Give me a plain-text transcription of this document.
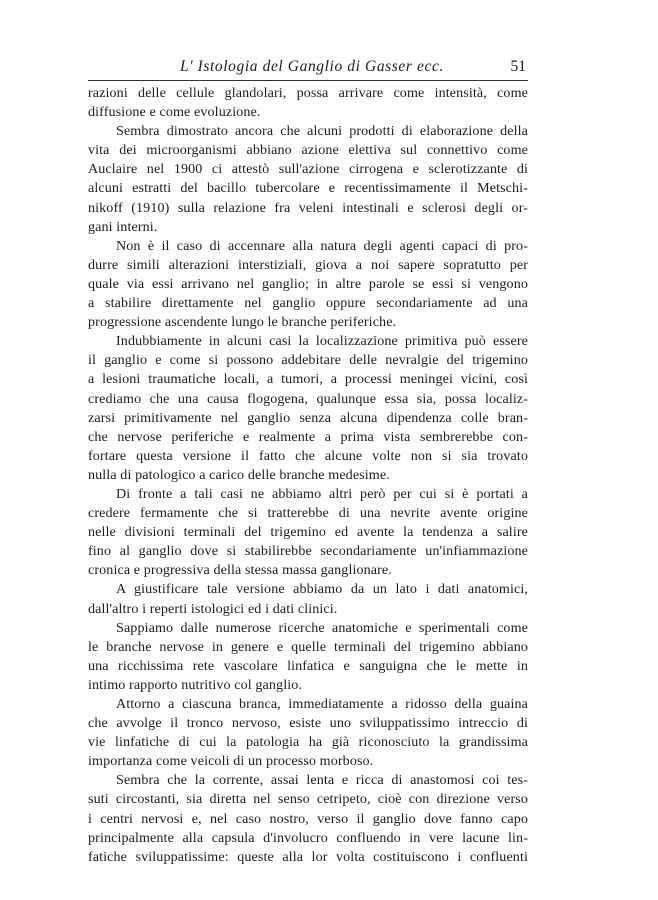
L' Istologia del Ganglio di Gasser ecc.	51
razioni delle cellule glandolari, possa arrivare come intensità, come
diffusione e come evoluzione.
Sembra dimostrato ancora che alcuni prodotti di elaborazione della
vita dei microorganismi abbiano azione elettiva sul connettivo come
Auclaire nel 1900 ci attestò sull'azione cirrogena e sclerotizzante di
alcuni estratti del bacillo tubercolare e recentissimamente il Metschi-
nikoff (1910) sulla relazione fra veleni intestinali e sclerosi degli or-
gani interni.
Non è il caso di accennare alla natura degli agenti capaci di pro-
durre simili alterazioni interstiziali, giova a noi sapere sopratutto per
quale via essi arrivano nel ganglio; in altre parole se essi si vengono
a stabilire direttamente nel ganglio oppure secondariamente ad una
progressione ascendente lungo le branche periferiche.
Indubbiamente in alcuni casi la localizzazione primitiva può essere
il ganglio e come si possono addebitare delle nevralgie del trigemino
a lesioni traumatiche locali, a tumori, a processi meningei vicini, così
crediamo che una causa flogogena, qualunque essa sia, possa localiz-
zarsi primitivamente nel ganglio senza alcuna dipendenza colle bran-
che nervose periferiche e realmente a prima vista sembrerebbe con-
fortare questa versione il fatto che alcune volte non si sia trovato
nulla di patologico a carico delle branche medesime.
Di fronte a tali casi ne abbiamo altri però per cui si è portati a
credere fermamente che si tratterebbe di una nevrite avente origine
nelle divisioni terminali del trigemino ed avente la tendenza a salire
fino al ganglio dove si stabilirebbe secondariamente un'infiammazione
cronica e progressiva della stessa massa ganglionare.
A giustificare tale versione abbiamo da un lato i dati anatomici,
dall'altro i reperti istologici ed i dati clinici.
Sappiamo dalle numerose ricerche anatomiche e sperimentali come
le branche nervose in genere e quelle terminali del trigemino abbiano
una ricchissima rete vascolare linfatica e sanguigna che le mette in
intimo rapporto nutritivo col ganglio.
Attorno a ciascuna branca, immediatamente a ridosso della guaina
che avvolge il tronco nervoso, esiste uno sviluppatissimo intreccio di
vie linfatiche di cui la patologia ha già riconosciuto la grandissima
importanza come veicoli di un processo morboso.
Sembra che la corrente, assai lenta e ricca di anastomosi coi tes-
suti circostanti, sia diretta nel senso cetripeto, cioè con direzione verso
i centri nervosi e, nel caso nostro, verso il ganglio dove fanno capo
principalmente alla capsula d'involucro confluendo in vere lacune lin-
fatiche sviluppatissime: queste alla lor volta costituiscono i confluenti
